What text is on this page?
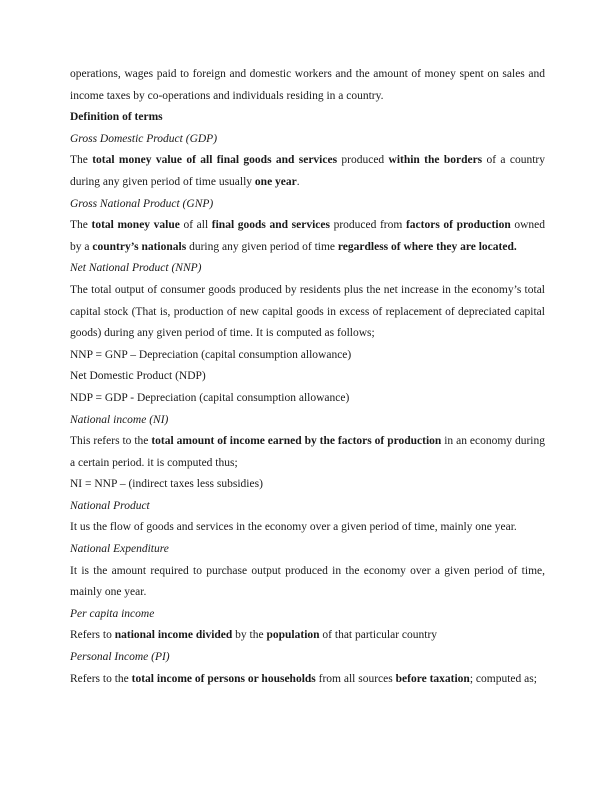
operations, wages paid to foreign and domestic workers and the amount of money spent on sales and income taxes by co-operations and individuals residing in a country.

Definition of terms

Gross Domestic Product (GDP)

The total money value of all final goods and services produced within the borders of a country during any given period of time usually one year.

Gross National Product (GNP)

The total money value of all final goods and services produced from factors of production owned by a country’s nationals during any given period of time regardless of where they are located.

Net National Product (NNP)

The total output of consumer goods produced by residents plus the net increase in the economy’s total capital stock (That is, production of new capital goods in excess of replacement of depreciated capital goods) during any given period of time. It is computed as follows;

NNP = GNP – Depreciation (capital consumption allowance)

Net Domestic Product (NDP)

NDP = GDP - Depreciation (capital consumption allowance)

National income (NI)

This refers to the total amount of income earned by the factors of production in an economy during a certain period. it is computed thus;

NI = NNP – (indirect taxes less subsidies)

National Product

It us the flow of goods and services in the economy over a given period of time, mainly one year.

National Expenditure

It is the amount required to purchase output produced in the economy over a given period of time, mainly one year.

Per capita income

Refers to national income divided by the population of that particular country

Personal Income (PI)

Refers to the total income of persons or households from all sources before taxation; computed as;
